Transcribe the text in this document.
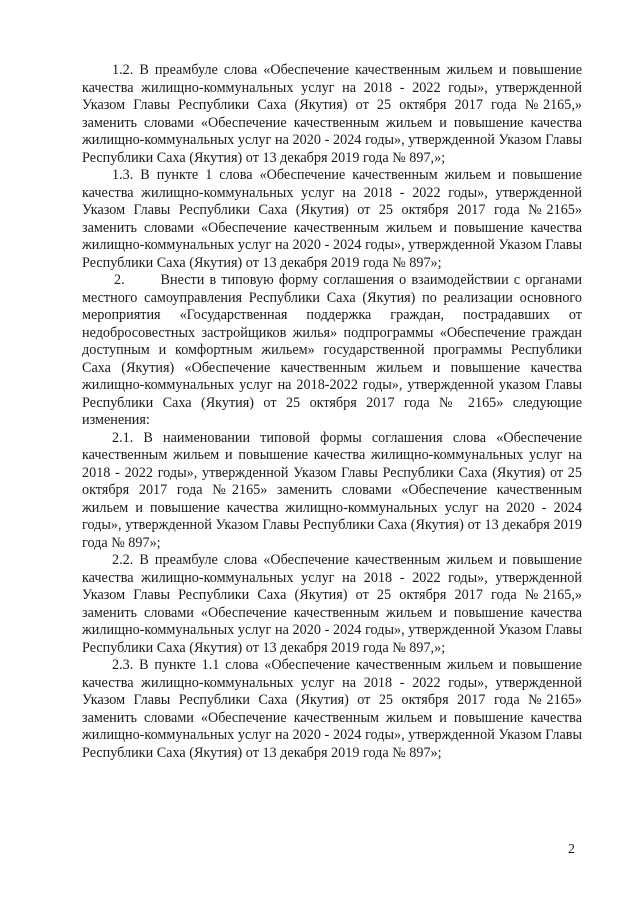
1.2. В преамбуле слова «Обеспечение качественным жильем и повышение качества жилищно-коммунальных услуг на 2018 - 2022 годы», утвержденной Указом Главы Республики Саха (Якутия) от 25 октября 2017 года №2165,» заменить словами «Обеспечение качественным жильем и повышение качества жилищно-коммунальных услуг на 2020 - 2024 годы», утвержденной Указом Главы Республики Саха (Якутия) от 13 декабря 2019 года № 897,»;

1.3. В пункте 1 слова «Обеспечение качественным жильем и повышение качества жилищно-коммунальных услуг на 2018 - 2022 годы», утвержденной Указом Главы Республики Саха (Якутия) от 25 октября 2017 года №2165» заменить словами «Обеспечение качественным жильем и повышение качества жилищно-коммунальных услуг на 2020 - 2024 годы», утвержденной Указом Главы Республики Саха (Якутия) от 13 декабря 2019 года № 897»;

2.	Внести в типовую форму соглашения о взаимодействии с органами местного самоуправления Республики Саха (Якутия) по реализации основного мероприятия «Государственная поддержка граждан, пострадавших от недобросовестных застройщиков жилья» подпрограммы «Обеспечение граждан доступным и комфортным жильем» государственной программы Республики Саха (Якутия) «Обеспечение качественным жильем и повышение качества жилищно-коммунальных услуг на 2018-2022 годы», утвержденной указом Главы Республики Саха (Якутия) от 25 октября 2017 года № 2165» следующие изменения:

2.1. В наименовании типовой формы соглашения слова «Обеспечение качественным жильем и повышение качества жилищно-коммунальных услуг на 2018 - 2022 годы», утвержденной Указом Главы Республики Саха (Якутия) от 25 октября 2017 года №2165» заменить словами «Обеспечение качественным жильем и повышение качества жилищно-коммунальных услуг на 2020 - 2024 годы», утвержденной Указом Главы Республики Саха (Якутия) от 13 декабря 2019 года № 897»;

2.2. В преамбуле слова «Обеспечение качественным жильем и повышение качества жилищно-коммунальных услуг на 2018 - 2022 годы», утвержденной Указом Главы Республики Саха (Якутия) от 25 октября 2017 года №2165,» заменить словами «Обеспечение качественным жильем и повышение качества жилищно-коммунальных услуг на 2020 - 2024 годы», утвержденной Указом Главы Республики Саха (Якутия) от 13 декабря 2019 года № 897,»;

2.3. В пункте 1.1 слова «Обеспечение качественным жильем и повышение качества жилищно-коммунальных услуг на 2018 - 2022 годы», утвержденной Указом Главы Республики Саха (Якутия) от 25 октября 2017 года №2165» заменить словами «Обеспечение качественным жильем и повышение качества жилищно-коммунальных услуг на 2020 - 2024 годы», утвержденной Указом Главы Республики Саха (Якутия) от 13 декабря 2019 года № 897»;

2
